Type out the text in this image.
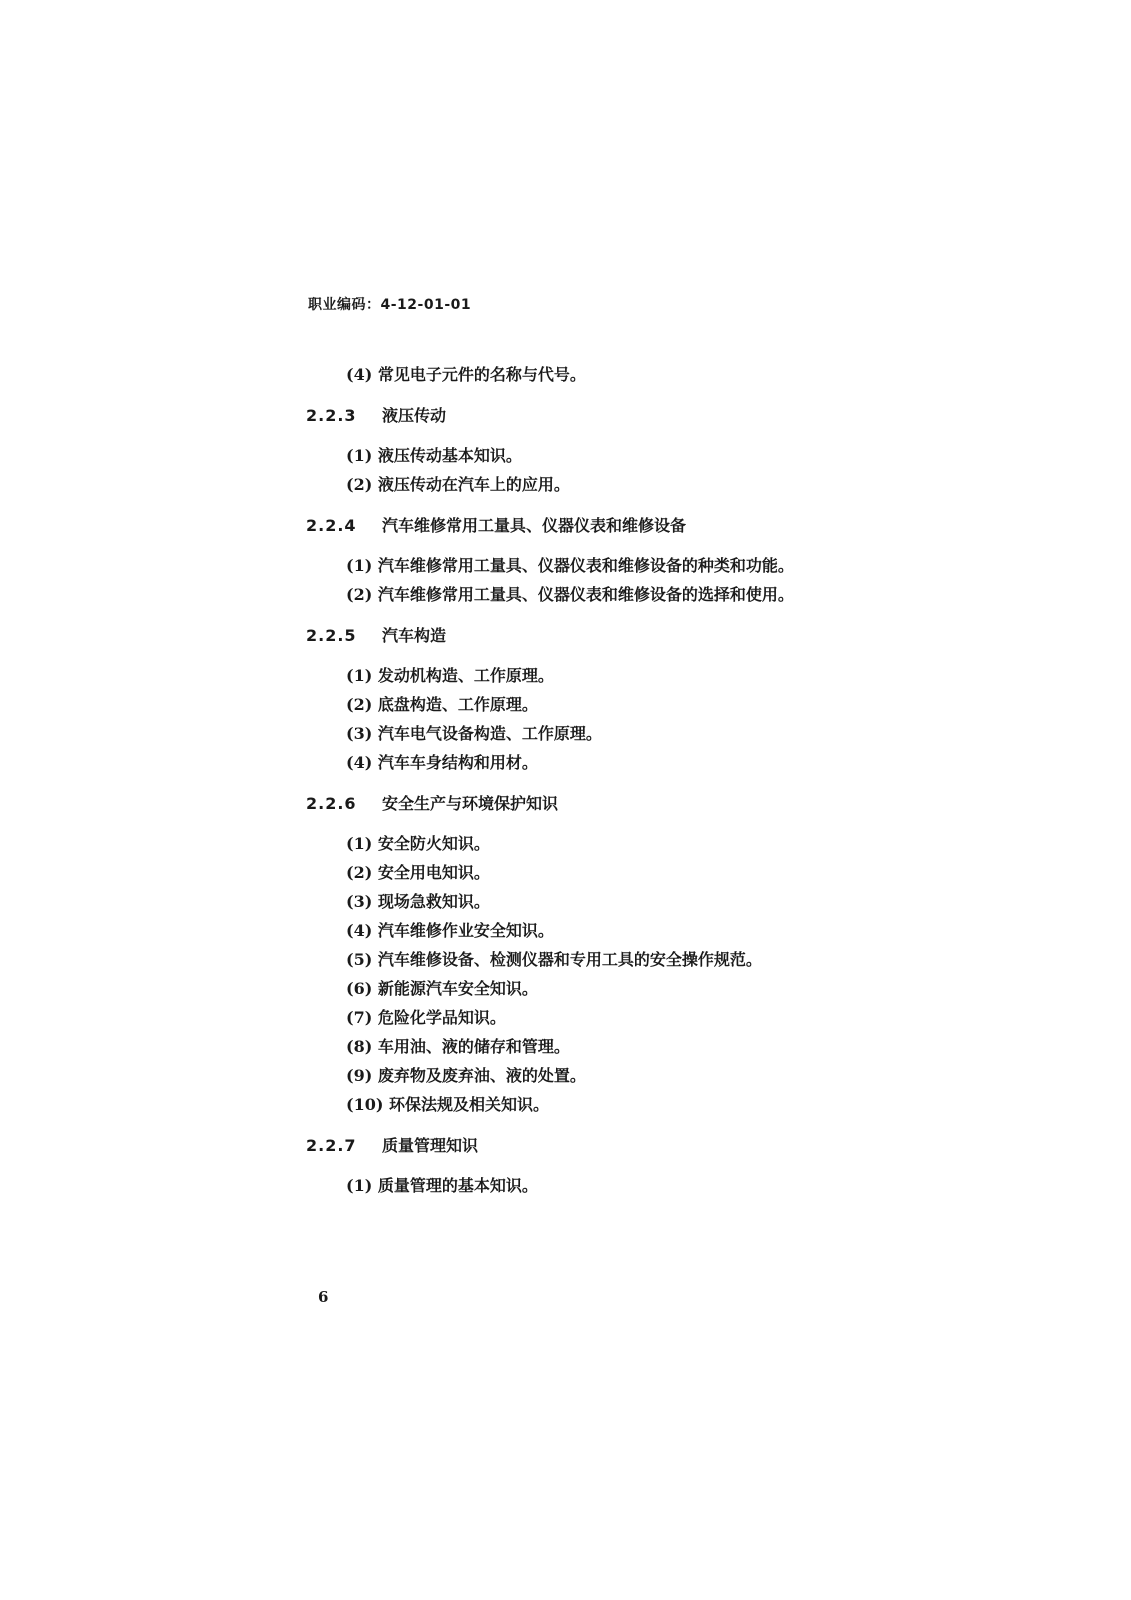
职业编码：4-12-01-01
(4) 常见电子元件的名称与代号。
2.2.3 液压传动
(1) 液压传动基本知识。
(2) 液压传动在汽车上的应用。
2.2.4 汽车维修常用工量具、仪器仪表和维修设备
(1) 汽车维修常用工量具、仪器仪表和维修设备的种类和功能。
(2) 汽车维修常用工量具、仪器仪表和维修设备的选择和使用。
2.2.5 汽车构造
(1) 发动机构造、工作原理。
(2) 底盘构造、工作原理。
(3) 汽车电气设备构造、工作原理。
(4) 汽车车身结构和用材。
2.2.6 安全生产与环境保护知识
(1) 安全防火知识。
(2) 安全用电知识。
(3) 现场急救知识。
(4) 汽车维修作业安全知识。
(5) 汽车维修设备、检测仪器和专用工具的安全操作规范。
(6) 新能源汽车安全知识。
(7) 危险化学品知识。
(8) 车用油、液的储存和管理。
(9) 废弃物及废弃油、液的处置。
(10) 环保法规及相关知识。
2.2.7 质量管理知识
(1) 质量管理的基本知识。
6
